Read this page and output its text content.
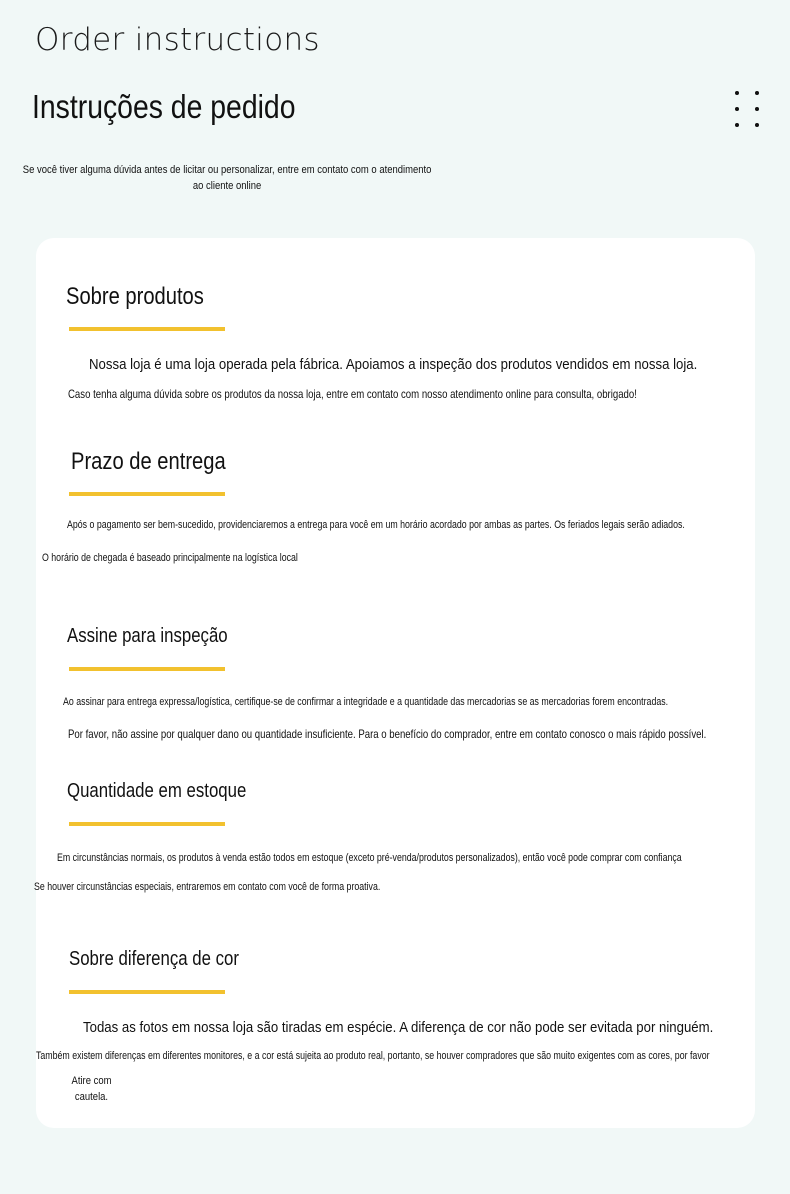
Order instructions
Instruções de pedido
Se você tiver alguma dúvida antes de licitar ou personalizar, entre em contato com o atendimento ao cliente online
Sobre produtos
Nossa loja é uma loja operada pela fábrica. Apoiamos a inspeção dos produtos vendidos em nossa loja.
Caso tenha alguma dúvida sobre os produtos da nossa loja, entre em contato com nosso atendimento online para consulta, obrigado!
Prazo de entrega
Após o pagamento ser bem-sucedido, providenciaremos a entrega para você em um horário acordado por ambas as partes. Os feriados legais serão adiados.
O horário de chegada é baseado principalmente na logística local
Assine para inspeção
Ao assinar para entrega expressa/logística, certifique-se de confirmar a integridade e a quantidade das mercadorias se as mercadorias forem encontradas.
Por favor, não assine por qualquer dano ou quantidade insuficiente. Para o benefício do comprador, entre em contato conosco o mais rápido possível.
Quantidade em estoque
Em circunstâncias normais, os produtos à venda estão todos em estoque (exceto pré-venda/produtos personalizados), então você pode comprar com confiança
Se houver circunstâncias especiais, entraremos em contato com você de forma proativa.
Sobre diferença de cor
Todas as fotos em nossa loja são tiradas em espécie. A diferença de cor não pode ser evitada por ninguém.
Também existem diferenças em diferentes monitores, e a cor está sujeita ao produto real, portanto, se houver compradores que são muito exigentes com as cores, por favor
Atire com cautela.
